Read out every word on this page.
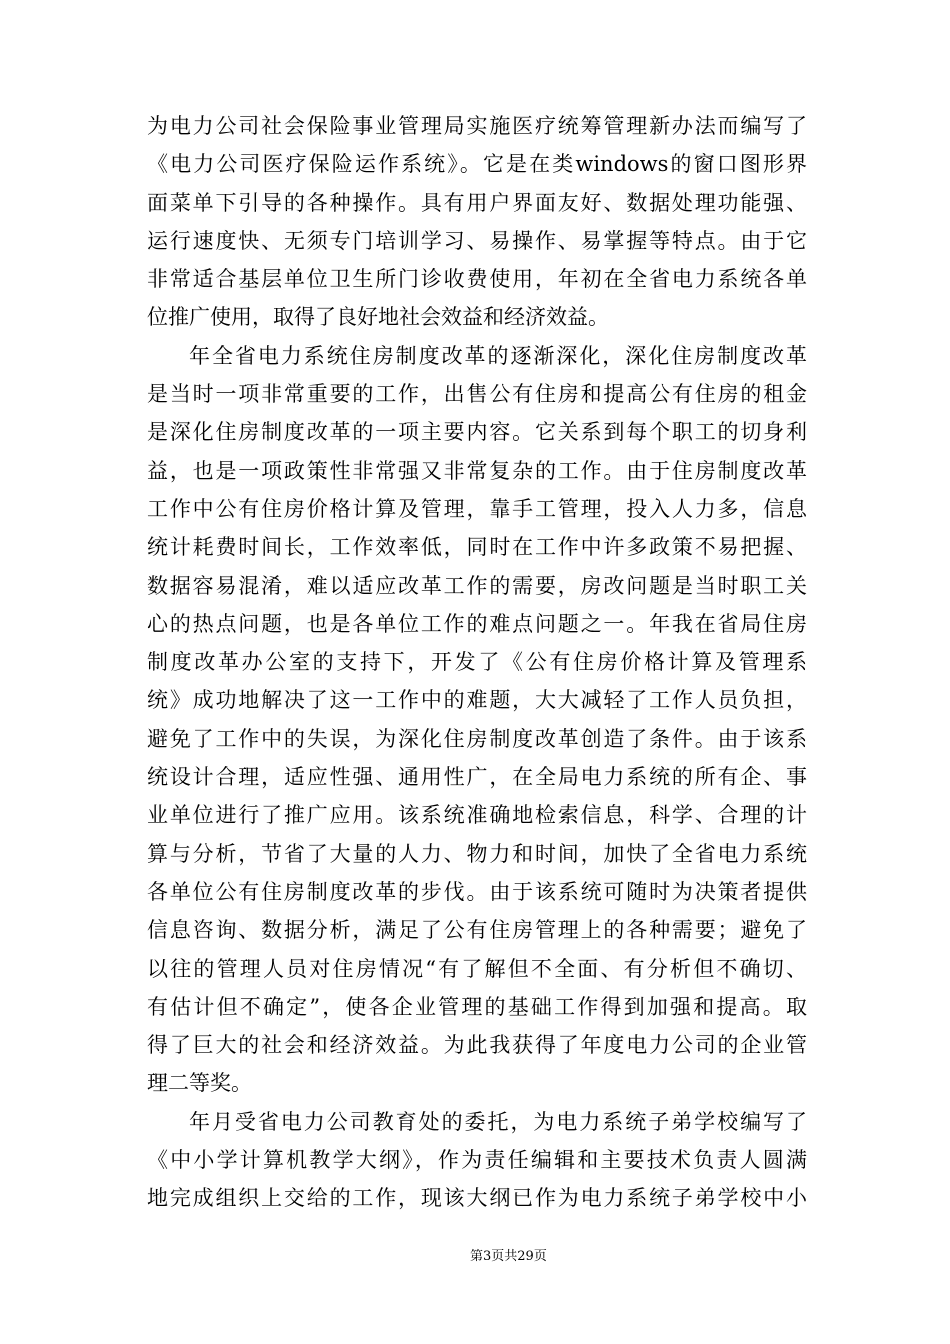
为电力公司社会保险事业管理局实施医疗统筹管理新办法而编写了
《电力公司医疗保险运作系统》。它是在类windows的窗口图形界
面菜单下引导的各种操作。具有用户界面友好、数据处理功能强、
运行速度快、无须专门培训学习、易操作、易掌握等特点。由于它
非常适合基层单位卫生所门诊收费使用，年初在全省电力系统各单
位推广使用，取得了良好地社会效益和经济效益。
年全省电力系统住房制度改革的逐渐深化，深化住房制度改革
是当时一项非常重要的工作，出售公有住房和提高公有住房的租金
是深化住房制度改革的一项主要内容。它关系到每个职工的切身利
益，也是一项政策性非常强又非常复杂的工作。由于住房制度改革
工作中公有住房价格计算及管理，靠手工管理，投入人力多，信息
统计耗费时间长，工作效率低，同时在工作中许多政策不易把握、
数据容易混淆，难以适应改革工作的需要，房改问题是当时职工关
心的热点问题，也是各单位工作的难点问题之一。年我在省局住房
制度改革办公室的支持下，开发了《公有住房价格计算及管理系
统》成功地解决了这一工作中的难题，大大减轻了工作人员负担，
避免了工作中的失误，为深化住房制度改革创造了条件。由于该系
统设计合理，适应性强、通用性广，在全局电力系统的所有企、事
业单位进行了推广应用。该系统准确地检索信息，科学、合理的计
算与分析，节省了大量的人力、物力和时间，加快了全省电力系统
各单位公有住房制度改革的步伐。由于该系统可随时为决策者提供
信息咨询、数据分析，满足了公有住房管理上的各种需要；避免了
以往的管理人员对住房情况“有了解但不全面、有分析但不确切、
有估计但不确定”，使各企业管理的基础工作得到加强和提高。取
得了巨大的社会和经济效益。为此我获得了年度电力公司的企业管
理二等奖。
年月受省电力公司教育处的委托，为电力系统子弟学校编写了
《中小学计算机教学大纲》，作为责任编辑和主要技术负责人圆满
地完成组织上交给的工作，现该大纲已作为电力系统子弟学校中小
第3页共29页
